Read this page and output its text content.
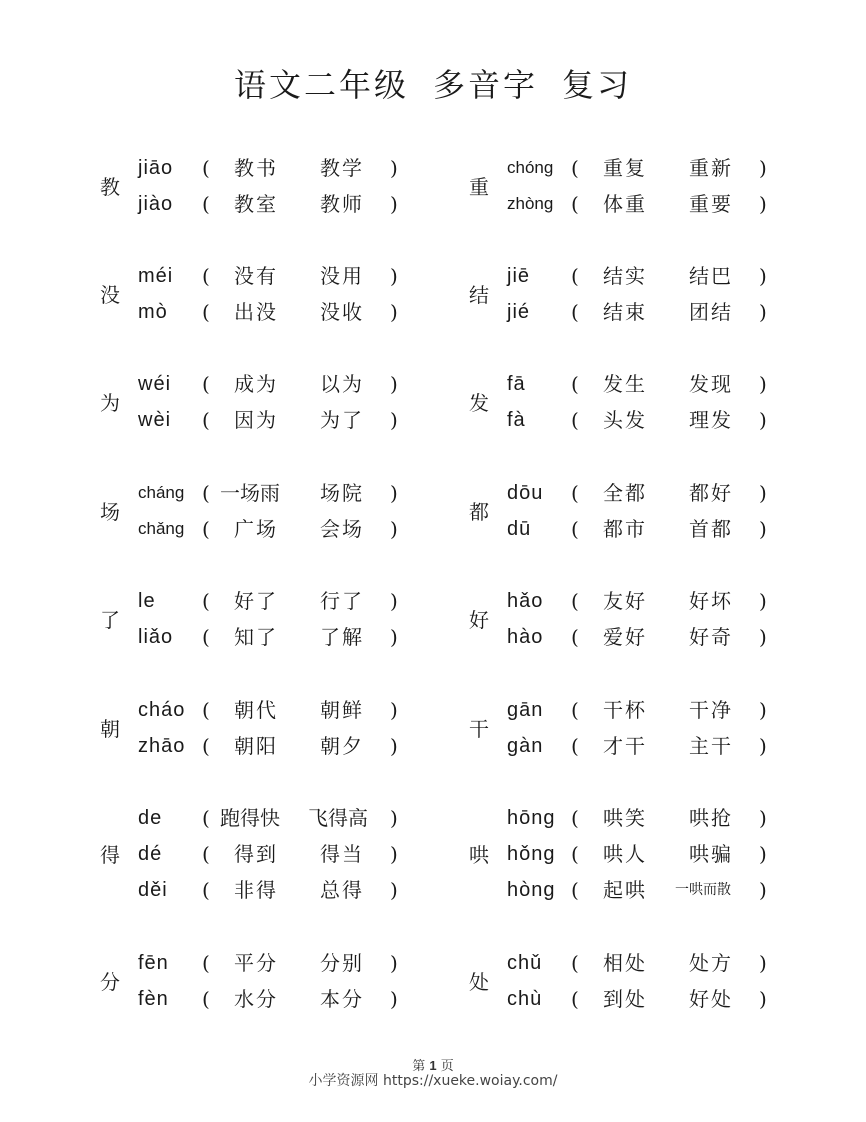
语文二年级 多音字 复习
教
jiāo ( 教书 教学 )
jiào ( 教室 教师 )
没
méi ( 没有 没用 )
mò ( 出没 没收 )
为
wéi ( 成为 以为 )
wèi ( 因为 为了 )
场
cháng ( 一场雨 场院 )
chǎng ( 广场 会场 )
了
le ( 好了 行了 )
liǎo ( 知了 了解 )
朝
cháo ( 朝代 朝鲜 )
zhāo ( 朝阳 朝夕 )
得
de ( 跑得快 飞得高 )
dé ( 得到 得当 )
děi ( 非得 总得 )
分
fēn ( 平分 分别 )
fèn ( 水分 本分 )
重
chóng ( 重复 重新 )
zhòng ( 体重 重要 )
结
jiē ( 结实 结巴 )
jié ( 结束 团结 )
发
fā ( 发生 发现 )
fà ( 头发 理发 )
都
dōu ( 全都 都好 )
dū ( 都市 首都 )
好
hǎo ( 友好 好坏 )
hào ( 爱好 好奇 )
干
gān ( 干杯 干净 )
gàn ( 才干 主干 )
哄
hōng ( 哄笑 哄抢 )
hǒng ( 哄人 哄骗 )
hòng ( 起哄 一哄而散 )
处
chǔ ( 相处 处方 )
chù ( 到处 好处 )
第 1 页
小学资源网 https://xueke.woiay.com/
